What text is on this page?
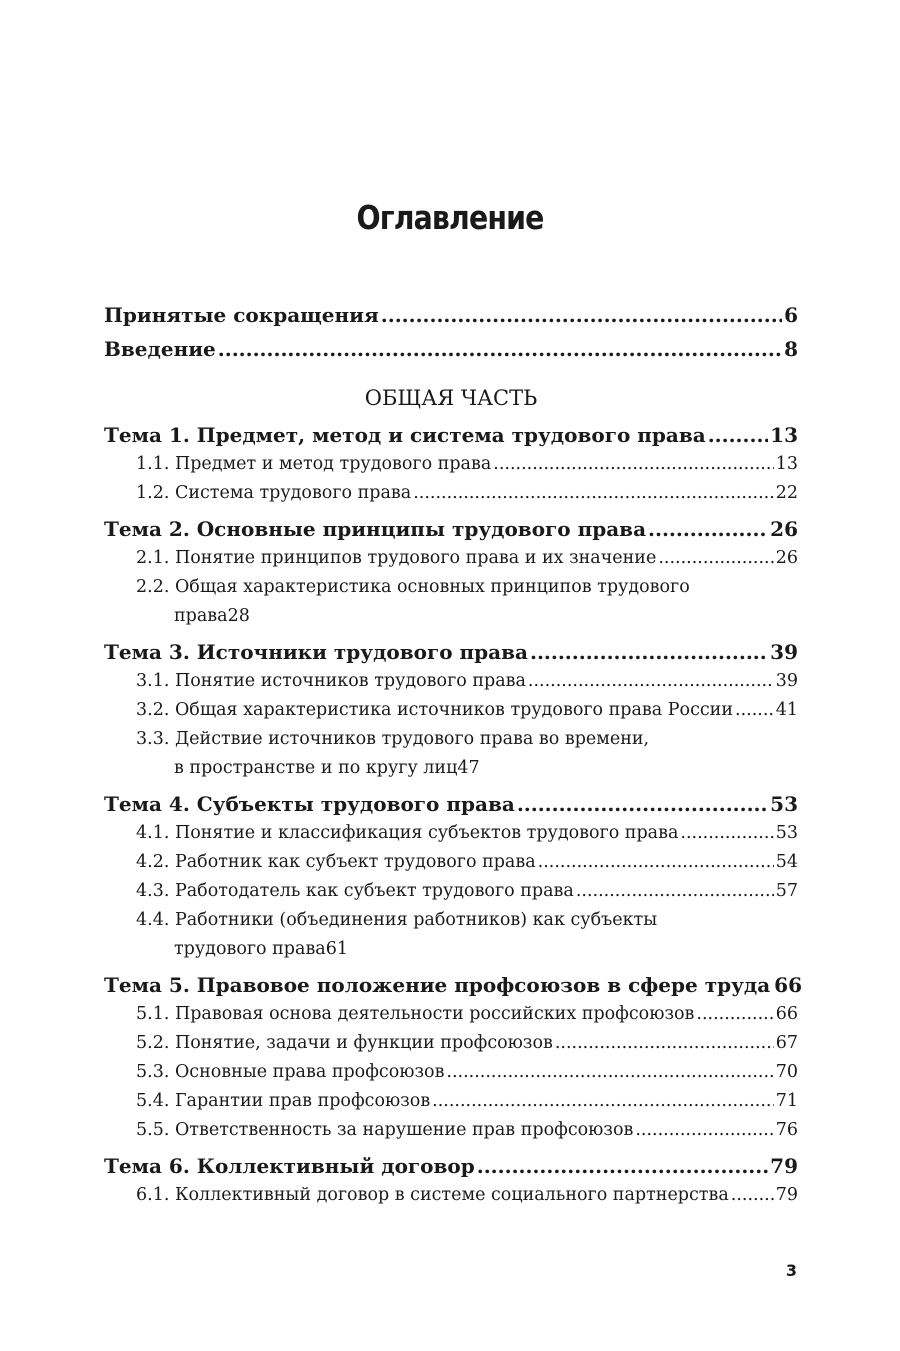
Оглавление
Принятые сокращения .....	6
Введение .....	8
ОБЩАЯ ЧАСТЬ
Тема 1. Предмет, метод и система трудового права .....	13
1.1. Предмет и метод трудового права .....	13
1.2. Система трудового права .....	22
Тема 2. Основные принципы трудового права .....	26
2.1. Понятие принципов трудового права и их значение .....	26
2.2. Общая характеристика основных принципов трудового
права 28
Тема 3. Источники трудового права .....	39
3.1. Понятие источников трудового права .....	39
3.2. Общая характеристика источников трудового права России ..... 41
3.3. Действие источников трудового права во времени,
в пространстве и по кругу лиц 47
Тема 4. Субъекты трудового права .....	53
4.1. Понятие и классификация субъектов трудового права .....	53
4.2. Работник как субъект трудового права .....	54
4.3. Работодатель как субъект трудового права .....	57
4.4. Работники (объединения работников) как субъекты
трудового права 61
Тема 5. Правовое положение профсоюзов в сфере труда 66
5.1. Правовая основа деятельности российских профсоюзов .....	66
5.2. Понятие, задачи и функции профсоюзов .....	67
5.3. Основные права профсоюзов .....	70
5.4. Гарантии прав профсоюзов .....	71
5.5. Ответственность за нарушение прав профсоюзов .....	76
Тема 6. Коллективный договор .....	79
6.1. Коллективный договор в системе социального партнерства .....	79
3
